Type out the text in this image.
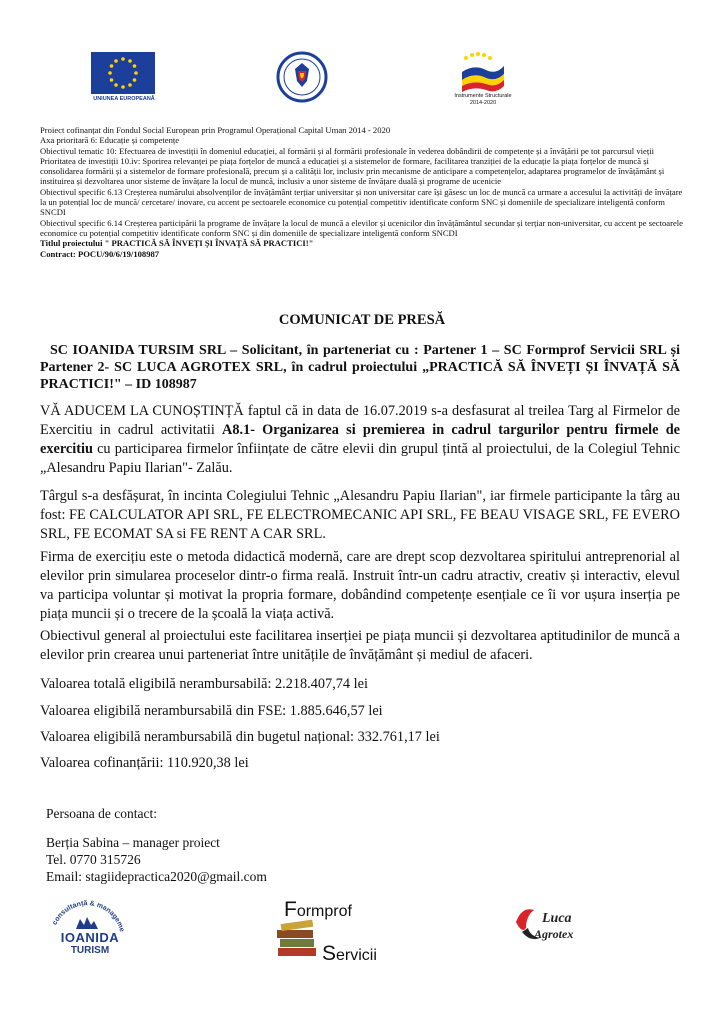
UNIUNEA EUROPEANĂ	Instrumente Structurale
2014-2020

Proiect cofinanțat din Fondul Social European prin Programul Operațional Capital Uman 2014 - 2020

Axa prioritară 6: Educație și competențe

Obiectivul tematic 10: Efectuarea de investiții în domeniul educației, al formării și al formării profesionale în vederea dobândirii de competențe și a învățării pe tot parcursul vieții

Prioritatea de investiții 10.iv: Sporirea relevanței pe piața forțelor de muncă a educației și a sistemelor de formare, facilitarea tranziției de la educație la piața forțelor de muncă și consolidarea formării și a sistemelor de formare profesională, precum și a calității lor, inclusiv prin mecanisme de anticipare a competențelor, adaptarea programelor de învățământ și instituirea și dezvoltarea unor sisteme de învățare la locul de muncă, inclusiv a unor sisteme de învățare duală și programe de ucenicie

Obiectivul specific 6.13 Creșterea numărului absolvenților de învățământ terțiar universitar și non universitar care își găsesc un loc de muncă ca urmare a accesului la activități de învățare la un potențial loc de muncă/ cercetare/ inovare, cu accent pe sectoarele economice cu potențial competitiv identificate conform SNC și domeniile de specializare inteligentă conform SNCDI

Obiectivul specific 6.14 Creșterea participării la programe de învățare la locul de muncă a elevilor și ucenicilor din învățământul secundar și terțiar non-universitar, cu accent pe sectoarele economice cu potențial competitiv identificate conform SNC și din domeniile de specializare inteligentă conform SNCDI

Titlul proiectului " PRACTICĂ SĂ ÎNVEȚI ȘI ÎNVAȚĂ SĂ PRACTICI!"

Contract: POCU/90/6/19/108987

COMUNICAT DE PRESĂ
SC IOANIDA TURSIM SRL – Solicitant, în parteneriat cu : Partener 1 – SC Formprof Servicii SRL și Partener 2- SC LUCA AGROTEX SRL, în cadrul proiectului „PRACTICĂ SĂ ÎNVEȚI ȘI ÎNVAȚĂ SĂ PRACTICI!" – ID 108987
VĂ ADUCEM LA CUNOȘTINȚĂ faptul că in data de 16.07.2019 s-a desfasurat al treilea Targ al Firmelor de Exercitiu in cadrul activitatii A8.1- Organizarea si premierea in cadrul targurilor pentru firmele de exercitiu cu participarea firmelor înființate de către elevii din grupul țintă al proiectului, de la Colegiul Tehnic „Alesandru Papiu Ilarian"- Zalău.
Târgul s-a desfășurat, în incinta Colegiului Tehnic „Alesandru Papiu Ilarian", iar firmele participante la târg au fost: FE CALCULATOR API SRL, FE ELECTROMECANIC API SRL, FE BEAU VISAGE SRL, FE EVERO SRL, FE ECOMAT SA si FE RENT A CAR SRL.
Firma de exercițiu este o metoda didactică modernă, care are drept scop dezvoltarea spiritului antreprenorial al elevilor prin simularea proceselor dintr-o firma reală. Instruit într-un cadru atractiv, creativ și interactiv, elevul va participa voluntar și motivat la propria formare, dobândind competențe esențiale ce îi vor ușura inserția pe piața muncii și o trecere de la școală la viața activă.
Obiectivul general al proiectului este facilitarea inserției pe piața muncii și dezvoltarea aptitudinilor de muncă a elevilor prin crearea unui parteneriat între unitățile de învățământ și mediul de afaceri.
Valoarea totală eligibilă nerambursabilă: 2.218.407,74 lei
Valoarea eligibilă nerambursabilă din FSE: 1.885.646,57 lei
Valoarea eligibilă nerambursabilă din bugetul național: 332.761,17 lei
Valoarea cofinanțării: 110.920,38 lei
Persoana de contact:
Berția Sabina – manager proiect
Tel. 0770 315726
Email: stagiidepractica2020@gmail.com
consultanță & manageme
IOANIDA
TURISM
Formprof
Servicii
Luca
Agrotex
